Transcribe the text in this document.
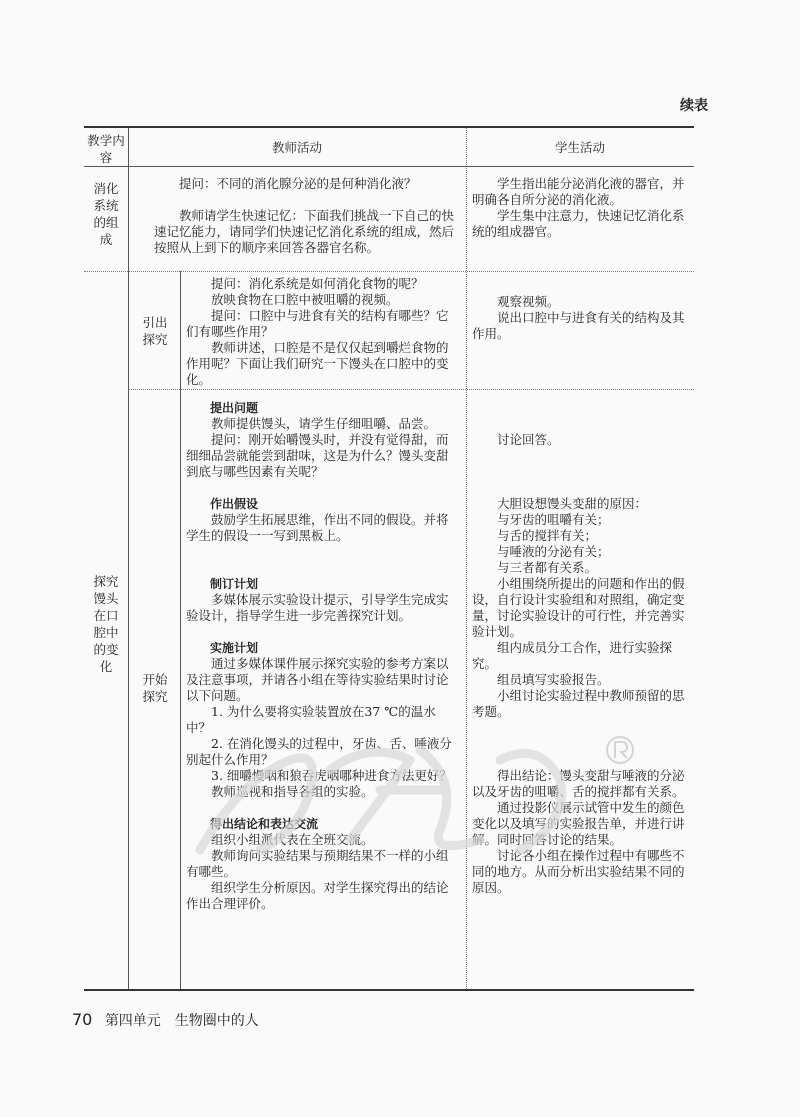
续表
教学内容
教师活动	学生活动
消化系统的组成

提问：不同的消化腺分泌的是何种消化液？

教师请学生快速记忆：下面我们挑战一下自己的快速记忆能力，请同学们快速记忆消化系统的组成，然后按照从上到下的顺序来回答各器官名称。

学生指出能分泌消化液的器官，并明确各自所分泌的消化液。

学生集中注意力，快速记忆消化系统的组成器官。

探究馒头在口腔中的变化
引出探究

提问：消化系统是如何消化食物的呢？

放映食物在口腔中被咀嚼的视频。

提问：口腔中与进食有关的结构有哪些？它们有哪些作用？

教师讲述，口腔是不是仅仅起到嚼烂食物的作用呢？下面让我们研究一下馒头在口腔中的变化。

观察视频。

说出口腔中与进食有关的结构及其作用。

开始探究

提出问题

教师提供馒头，请学生仔细咀嚼、品尝。

提问：刚开始嚼馒头时，并没有觉得甜，而细细品尝就能尝到甜味，这是为什么？馒头变甜到底与哪些因素有关呢？

作出假设

鼓励学生拓展思维，作出不同的假设。并将学生的假设一一写到黑板上。

制订计划

多媒体展示实验设计提示，引导学生完成实验设计，指导学生进一步完善探究计划。

实施计划

通过多媒体课件展示探究实验的参考方案以及注意事项，并请各小组在等待实验结果时讨论以下问题。

1. 为什么要将实验装置放在37 ℃的温水中？

2. 在消化馒头的过程中，牙齿、舌、唾液分别起什么作用？

3. 细嚼慢咽和狼吞虎咽哪种进食方法更好？

教师巡视和指导各组的实验。

得出结论和表达交流

组织小组派代表在全班交流。

教师询问实验结果与预期结果不一样的小组有哪些。

组织学生分析原因。对学生探究得出的结论作出合理评价。

讨论回答。

大胆设想馒头变甜的原因：

与牙齿的咀嚼有关；

与舌的搅拌有关；

与唾液的分泌有关；

与三者都有关系。

小组围绕所提出的问题和作出的假设，自行设计实验组和对照组，确定变量，讨论实验设计的可行性，并完善实验计划。

组内成员分工合作，进行实验探究。

组员填写实验报告。

小组讨论实验过程中教师预留的思考题。

得出结论：馒头变甜与唾液的分泌以及牙齿的咀嚼、舌的搅拌都有关系。

通过投影仪展示试管中发生的颜色变化以及填写的实验报告单，并进行讲解。同时回答讨论的结果。

讨论各小组在操作过程中有哪些不同的地方。从而分析出实验结果不同的原因。

70 第四单元　生物圈中的人
